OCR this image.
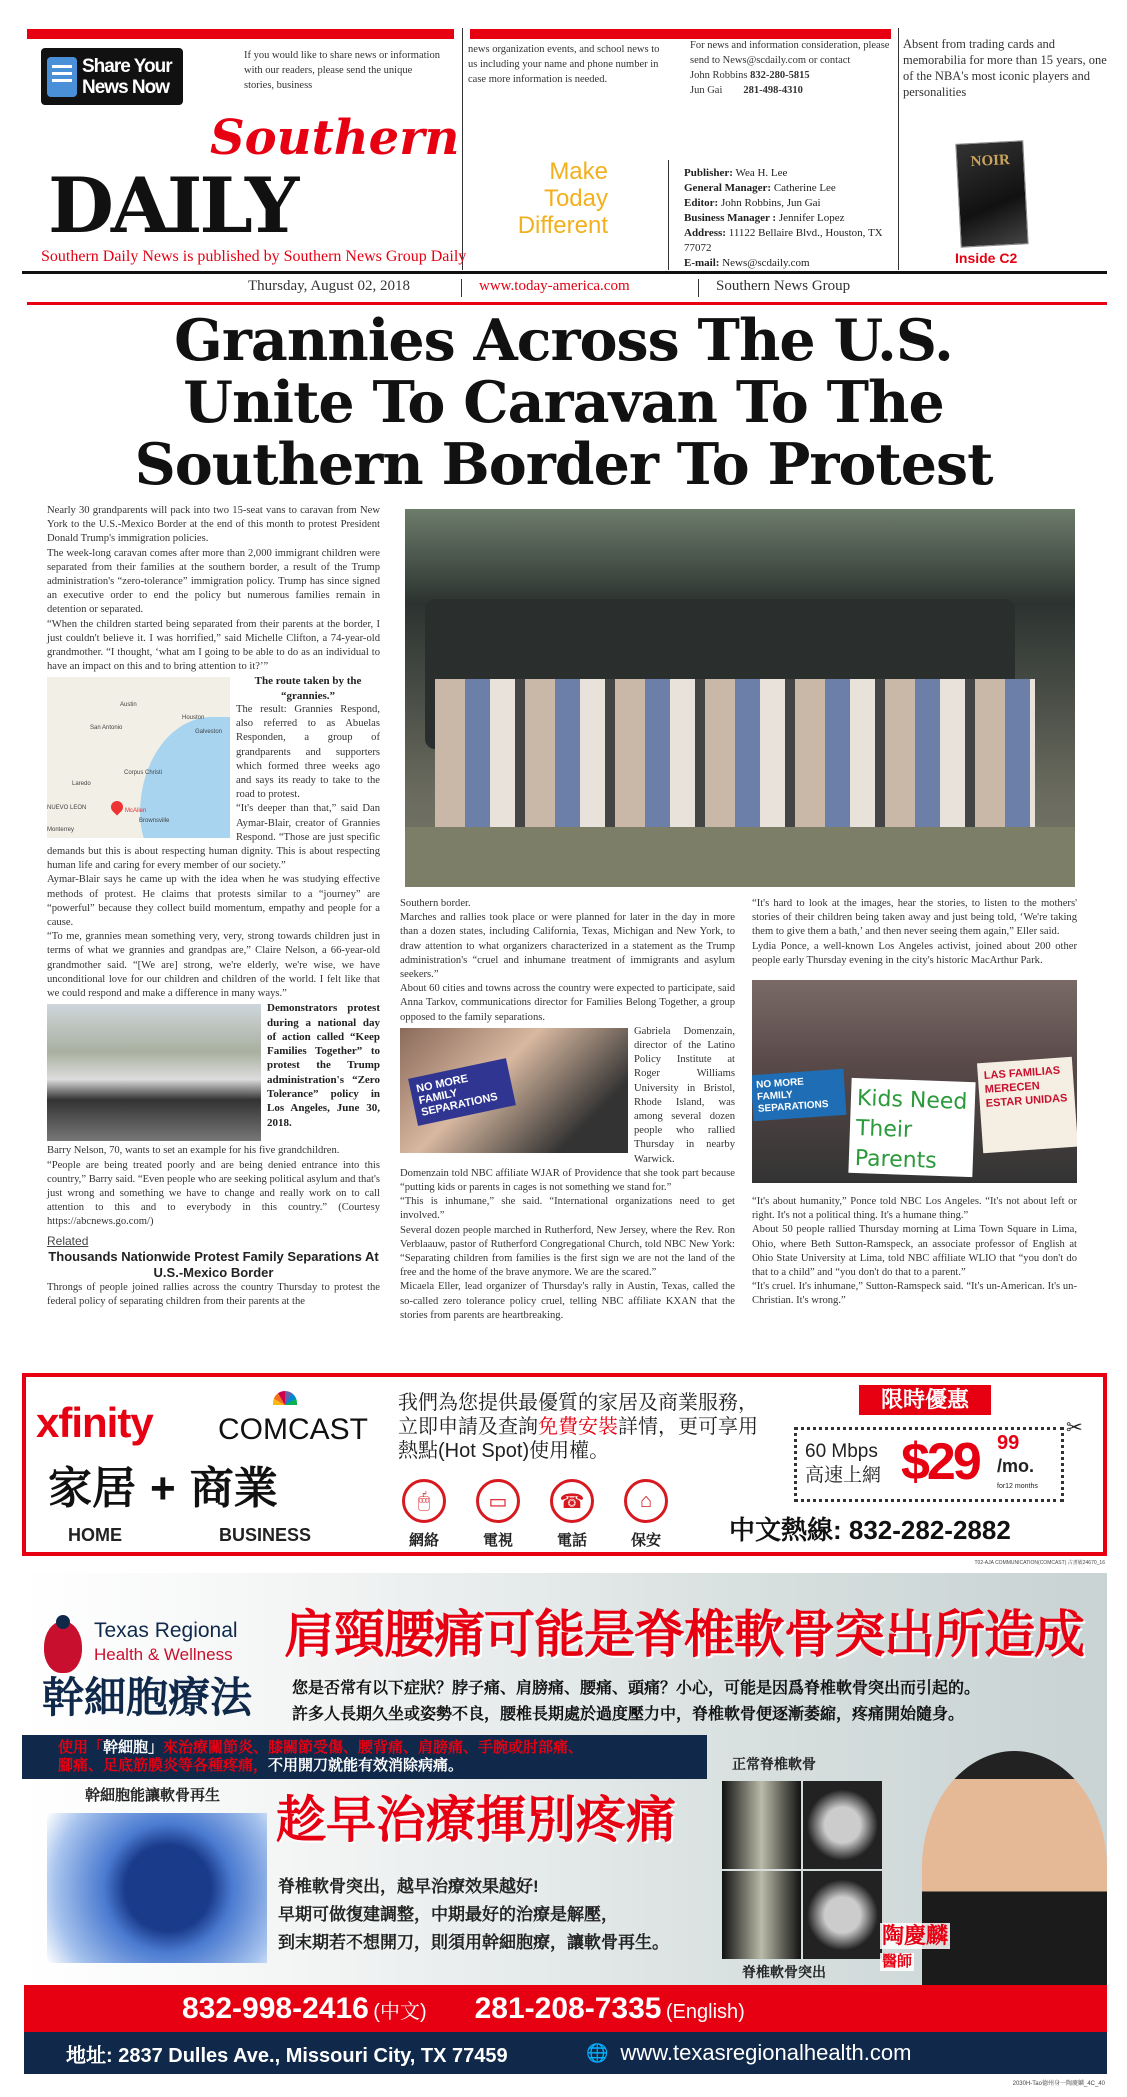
Share Your News Now
If you would like to share news or information with our readers, please send the unique stories, business
news organization events, and school news to us including your name and phone number in case more information is needed.
For news and information consideration, please send to News@scdaily.com or contact
John Robbins 832-280-5815
Jun Gai 281-498-4310
Southern
DAILY	Make
Today
Different
Southern Daily News is published by Southern News Group Daily
Publisher: Wea H. Lee
General Manager: Catherine Lee
Editor: John Robbins, Jun Gai
Business Manager : Jennifer Lopez
Address: 11122 Bellaire Blvd., Houston, TX 77072
E-mail: News@scdaily.com
Absent from trading cards and memorabilia for more than 15 years, one of the NBA's most iconic players and personalities
NOIR
Inside C2
Thursday, August 02, 2018	www.today-america.com	Southern News Group
Grannies Across The U.S.
Unite To Caravan To The
Southern Border To Protest

Nearly 30 grandparents will pack into two 15-seat vans to caravan from New York to the U.S.-Mexico Border at the end of this month to protest President Donald Trump's immigration policies.

The week-long caravan comes after more than 2,000 immigrant children were separated from their families at the southern border, a result of the Trump administration's “zero-tolerance” immigration policy. Trump has since signed an executive order to end the policy but numerous families remain in detention or separated.

“When the children started being separated from their parents at the border, I just couldn't believe it. I was horrified,” said Michelle Clifton, a 74-year-old grandmother. “I thought, ‘what am I going to be able to do as an individual to have an impact on this and to bring attention to it?’”

Austin
Houston
San Antonio
Galveston
Corpus Christi
Laredo
NUEVO LEON	McAllen
Brownsville
Monterrey

The route taken by the “grannies.”

The result: Grannies Respond, also referred to as Abuelas Responden, a group of grandparents and supporters which formed three weeks ago and says its ready to take to the road to protest.

“It's deeper than that,” said Dan Aymar-Blair, creator of Grannies Respond. “Those are just specific demands but this is about respecting human dignity. This is about respecting human life and caring for every member of our society.”

Aymar-Blair says he came up with the idea when he was studying effective methods of protest. He claims that protests similar to a “journey” are “powerful” because they collect build momentum, empathy and people for a cause.

“To me, grannies mean something very, very, strong towards children just in terms of what we grannies and grandpas are,” Claire Nelson, a 66-year-old grandmother said. “[We are] strong, we're elderly, we're wise, we have unconditional love for our children and children of the world. I felt like that we could respond and make a difference in many ways.”

Demonstrators protest during a national day of action called “Keep Families Together” to protest the Trump administration's “Zero Tolerance” policy in Los Angeles, June 30, 2018.

Barry Nelson, 70, wants to set an example for his five grandchildren.

“People are being treated poorly and are being denied entrance into this country,” Barry said. “Even people who are seeking political asylum and that's just wrong and something we have to change and really work on to call attention to this and to everybody in this country.” (Courtesy https://abcnews.go.com/)

Related

Thousands Nationwide Protest Family Separations At U.S.-Mexico Border

Throngs of people joined rallies across the country Thursday to protest the federal policy of separating children from their parents at the

Southern border.

Marches and rallies took place or were planned for later in the day in more than a dozen states, including California, Texas, Michigan and New York, to draw attention to what organizers characterized in a statement as the Trump administration's “cruel and inhumane treatment of immigrants and asylum seekers.”

About 60 cities and towns across the country were expected to participate, said Anna Tarkov, communications director for Families Belong Together, a group opposed to the family separations.

NO MORE FAMILY SEPARATIONS

Gabriela Domenzain, director of the Latino Policy Institute at Roger Williams University in Bristol, Rhode Island, was among several dozen people who rallied Thursday in nearby Warwick.

Domenzain told NBC affiliate WJAR of Providence that she took part because “putting kids or parents in cages is not something we stand for.”

“This is inhumane,” she said. “International organizations need to get involved.”

Several dozen people marched in Rutherford, New Jersey, where the Rev. Ron Verblaauw, pastor of Rutherford Congregational Church, told NBC New York: “Separating children from families is the first sign we are not the land of the free and the home of the brave anymore. We are the scared.”

Micaela Eller, lead organizer of Thursday's rally in Austin, Texas, called the so-called zero tolerance policy cruel, telling NBC affiliate KXAN that the stories from parents are heartbreaking.

“It's hard to look at the images, hear the stories, to listen to the mothers' stories of their children being taken away and just being told, ‘We're taking them to give them a bath,’ and then never seeing them again,” Eller said.

Lydia Ponce, a well-known Los Angeles activist, joined about 200 other people early Thursday evening in the city's historic MacArthur Park.

NO MORE FAMILY SEPARATIONS	Kids Need Their Parents
LAS FAMILIAS MERECEN ESTAR UNIDAS

“It's about humanity,” Ponce told NBC Los Angeles. “It's not about left or right. It's not a political thing. It's a humane thing.”

About 50 people rallied Thursday morning at Lima Town Square in Lima, Ohio, where Beth Sutton-Ramspeck, an associate professor of English at Ohio State University at Lima, told NBC affiliate WLIO that “you don't do that to a child” and “you don't do that to a parent.”

“It's cruel. It's inhumane,” Sutton-Ramspeck said. “It's un-American. It's un-Christian. It's wrong.”

xfinity COMCAST
家居 + 商業
HOME	BUSINESS
我們為您提供最優質的家居及商業服務，立即申請及查詢免費安裝詳情，更可享用熱點(Hot Spot)使用權。
🖱
網絡
▭
電視
☎
電話
⌂
保安
限時優惠
60 Mbps
高速上網 $29 99
/mo.
for12 months
✂
中文熱線: 832-282-2882
T02-AJA COMMUNICATION(COMCAST) 古書敏24670_16
Texas Regional
Health & Wellness
幹細胞療法
肩頸腰痛可能是脊椎軟骨突出所造成
您是否常有以下症狀？脖子痛、肩膀痛、腰痛、頭痛？小心，可能是因爲脊椎軟骨突出而引起的。
許多人長期久坐或姿勢不良，腰椎長期處於過度壓力中，脊椎軟骨便逐漸萎縮，疼痛開始隨身。
使用「幹細胞」來治療關節炎、膝關節受傷、腰背痛、肩膀痛、手腕或肘部痛、
腳痛、足底筋膜炎等各種疼痛，不用開刀就能有效消除病痛。
幹細胞能讓軟骨再生 趁早治療揮別疼痛
脊椎軟骨突出，越早治療效果越好!
早期可做復建調整，中期最好的治療是解壓，
到末期若不想開刀，則須用幹細胞療，讓軟骨再生。
正常脊椎軟骨
脊椎軟骨突出
陶慶麟
醫師
832-998-2416 (中文) 281-208-7335 (English)
地址: 2837 Dulles Ave., Missouri City, TX 77459	🌐 www.texasregionalhealth.com
2030H-Tao德州身一陶慶麟_4C_40
